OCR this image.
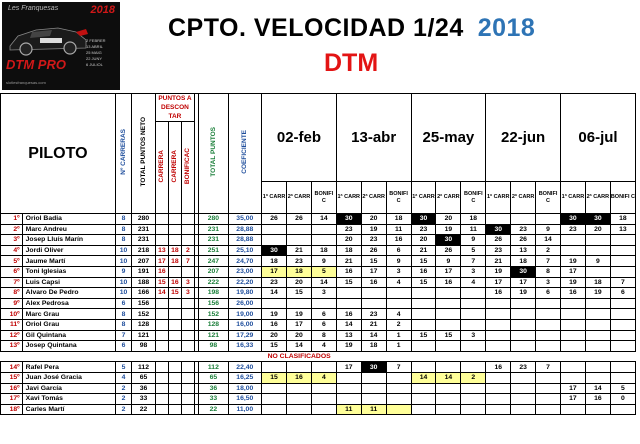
Les Franquesas	2018
DTM PRO
2 FEBRER
13 ABRIL
25 MAIG
22 JUNY
6 JULIOL
slotlesfranquesas.com
CPTO. VELOCIDAD 1/24 2018
DTM
PILOTO		Nº CARRERAS	TOTAL PUNTOS NETO	PUNTOS A DESCON TAR				TOTAL PUNTOS	COEFICIENTE	02-feb			13-abr			25-may			22-jun			06-jul		
				CARRERA	CARRERA	BONIFICAC																		
										1ª CARR	2ª CARR	BONIFI C	1ª CARR	2ª CARR	BONIFI C	1ª CARR	2ª CARR	BONIFI C	1ª CARR	2ª CARR	BONIFI C	1ª CARR	2ª CARR	BONIFI C
1º	Oriol Badia	8	280					280	35,00	26	26	14	30	20	18	30	20	18				30	30	18
2º	Marc Andreu	8	231					231	28,88				23	19	11	23	19	11	30	23	9	23	20	13
3º	Josep Lluís Marín	8	231					231	28,88				20	23	16	20	30	9	26	26	14			
4º	Jordi Oliver	10	218	13	18	2		251	25,10	30	21	18	18	26	6	21	26	5	23	13	2			
5º	Jaume Martí	10	207	17	18	7		247	24,70	18	23	9	21	15	9	15	9	7	21	18	7	19	9	
6º	Toni Iglesias	9	191	16				207	23,00	17	18	5	16	17	3	16	17	3	19	30	8	17		
7º	Luis Capsi	10	188	15	16	3		222	22,20	23	20	14	15	16	4	15	16	4	17	17	3	19	18	7
8º	Alvaro De Pedro	10	166	14	15	3		198	19,80	14	15	3							16	19	6	16	19	6
9º	Alex Pedrosa	6	156					156	26,00															
10º	Marc Grau	8	152					152	19,00	19	19	6	16	23	4									
11º	Oriol Grau	8	128					128	16,00	16	17	6	14	21	2									
12º	Gil Quintana	7	121					121	17,29	20	20	8	13	14	1	15	15	3						
13º	Josep Quintana	6	98					98	16,33	15	14	4	19	18	1									
										NO CLASIFICADOS														
14º	Rafel Pera	5	112					112	22,40				17	30	7				16	23	7			
15º	Juan José Gracia	4	65					65	16,25	15	16	4				14	14	2						
16º	Javi García	2	36					36	18,00													17	14	5
17º	Xavi Tomás	2	33					33	16,50													17	16	0
18º	Carles Martí	2	22					22	11,00				11	11										
